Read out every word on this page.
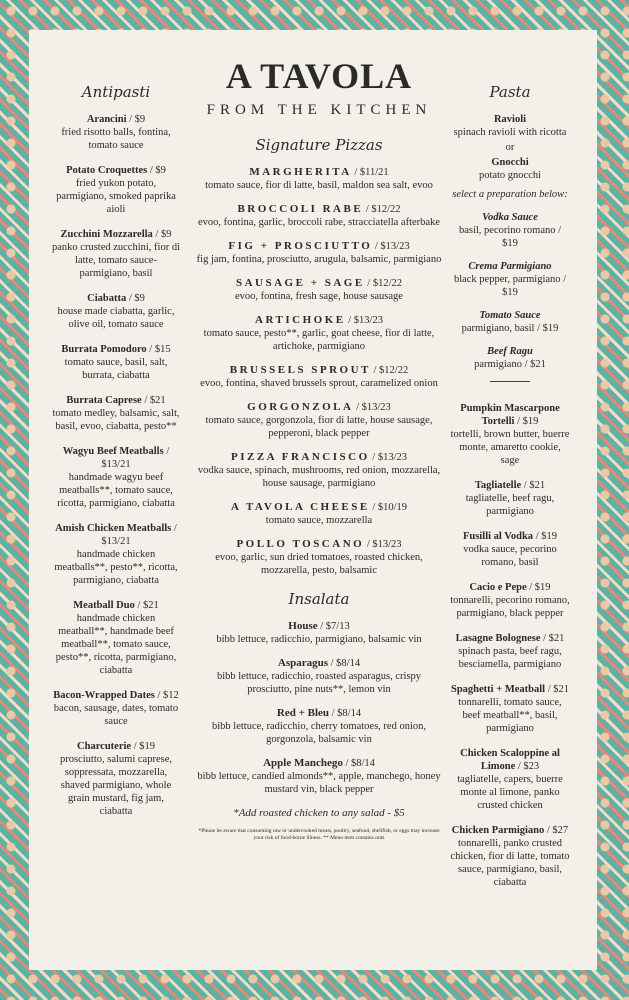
Antipasti
Arancini / $9
fried risotto balls, fontina, tomato sauce
Potato Croquettes / $9
fried yukon potato, parmigiano, smoked paprika aioli
Zucchini Mozzarella / $9
panko crusted zucchini, fior di latte, tomato sauce- parmigiano, basil
Ciabatta / $9
house made ciabatta, garlic, olive oil, tomato sauce
Burrata Pomodoro / $15
tomato sauce, basil, salt, burrata, ciabatta
Burrata Caprese / $21
tomato medley, balsamic, salt, basil, evoo, ciabatta, pesto**
Wagyu Beef Meatballs / $13/21
handmade wagyu beef meatballs**, tomato sauce, ricotta, parmigiano, ciabatta
Amish Chicken Meatballs / $13/21
handmade chicken meatballs**, pesto**, ricotta, parmigiano, ciabatta
Meatball Duo / $21
handmade chicken meatball**, handmade beef meatball**, tomato sauce, pesto**, ricotta, parmigiano, ciabatta
Bacon-Wrapped Dates / $12
bacon, sausage, dates, tomato sauce
Charcuterie / $19
prosciutto, salumi caprese, soppressata, mozzarella, shaved parmigiano, whole grain mustard, fig jam, ciabatta
A TAVOLA
FROM THE KITCHEN
Signature Pizzas
MARGHERITA / $11/21
tomato sauce, fior di latte, basil, maldon sea salt, evoo
BROCCOLI RABE / $12/22
evoo, fontina, garlic, broccoli rabe, stracciatella afterbake
FIG + PROSCIUTTO / $13/23
fig jam, fontina, prosciutto, arugula, balsamic, parmigiano
SAUSAGE + SAGE / $12/22
evoo, fontina, fresh sage, house sausage
ARTICHOKE / $13/23
tomato sauce, pesto**, garlic, goat cheese, fior di latte, artichoke, parmigiano
BRUSSELS SPROUT / $12/22
evoo, fontina, shaved brussels sprout, caramelized onion
GORGONZOLA / $13/23
tomato sauce, gorgonzola, fior di latte, house sausage, pepperoni, black pepper
PIZZA FRANCISCO / $13/23
vodka sauce, spinach, mushrooms, red onion, mozzarella, house sausage, parmigiano
A TAVOLA CHEESE / $10/19
tomato sauce, mozzarella
POLLO TOSCANO / $13/23
evoo, garlic, sun dried tomatoes, roasted chicken, mozzarella, pesto, balsamic
Insalata
House / $7/13
bibb lettuce, radicchio, parmigiano, balsamic vin
Asparagus / $8/14
bibb lettuce, radicchio, roasted asparagus, crispy prosciutto, pine nuts**, lemon vin
Red + Bleu / $8/14
bibb lettuce, radicchio, cherry tomatoes, red onion, gorgonzola, balsamic vin
Apple Manchego / $8/14
bibb lettuce, candied almonds**, apple, manchego, honey mustard vin, black pepper
*Add roasted chicken to any salad - $5
*Please be aware that consuming raw or undercooked meats, poultry, seafood, shellfish, or eggs may increase your risk of food-borne illness. ** Menu item contains nuts
Pasta
Ravioli
spinach ravioli with ricotta
or
Gnocchi
potato gnocchi
select a preparation below:
Vodka Sauce
basil, pecorino romano / $19
Crema Parmigiano
black pepper, parmigiano / $19
Tomato Sauce
parmigiano, basil / $19
Beef Ragu
parmigiano / $21
Pumpkin Mascarpone Tortelli / $19
tortelli, brown butter, buerre monte, amaretto cookie, sage
Tagliatelle / $21
tagliatelle, beef ragu, parmigiano
Fusilli al Vodka / $19
vodka sauce, pecorino romano, basil
Cacio e Pepe / $19
tonnarelli, pecorino romano, parmigiano, black pepper
Lasagne Bolognese / $21
spinach pasta, beef ragu, besciamella, parmigiano
Spaghetti + Meatball / $21
tonnarelli, tomato sauce, beef meatball**, basil, parmigiano
Chicken Scaloppine al Limone / $23
tagliatelle, capers, buerre monte al limone, panko crusted chicken
Chicken Parmigiano / $27
tonnarelli, panko crusted chicken, fior di latte, tomato sauce, parmigiano, basil, ciabatta
